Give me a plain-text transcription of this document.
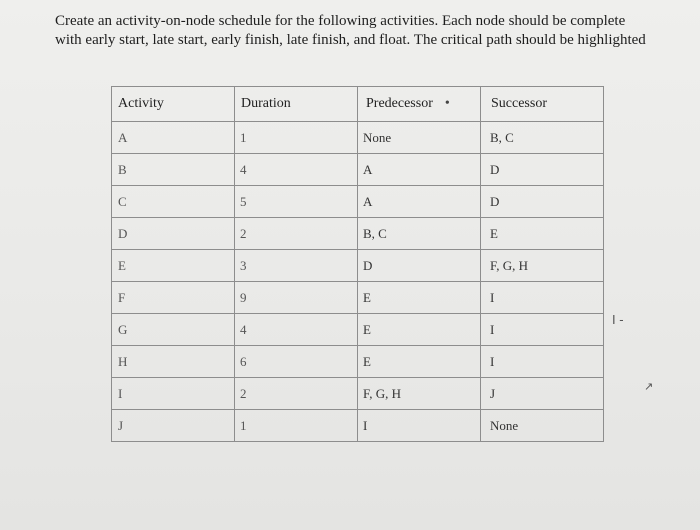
Create an activity-on-node schedule for the following activities. Each node should be complete with early start, late start, early finish, late finish, and float. The critical path should be highlighted
Activity	Duration	Predecessor •	Successor

A	1	None	B, C

B	4	A	D

C	5	A	D

D	2	B, C	E

E	3	D	F, G, H

F	9	E	I

G	4	E	I

H	6	E	I

I	2	F, G, H	J

J	1	I	None
I -
↗
